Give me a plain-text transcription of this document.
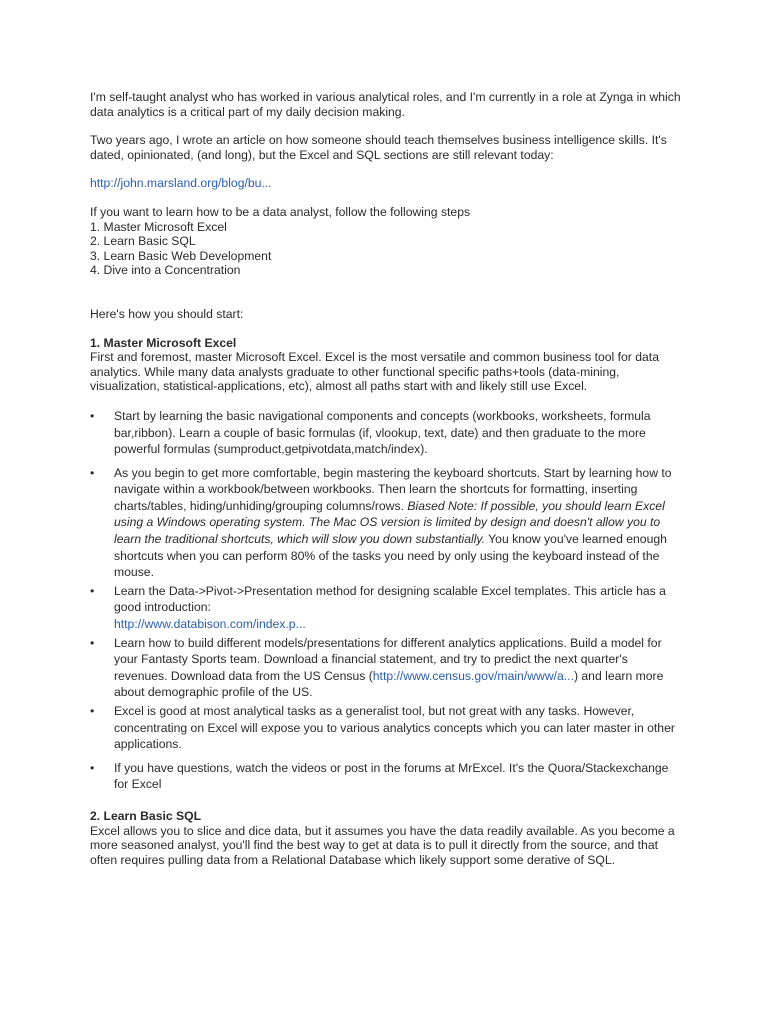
I'm self-taught analyst who has worked in various analytical roles, and I'm currently in a role at Zynga in which data analytics is a critical part of my daily decision making.

Two years ago, I wrote an article on how someone should teach themselves business intelligence skills. It's dated, opinionated, (and long), but the Excel and SQL sections are still relevant today:

http://john.marsland.org/blog/bu...

If you want to learn how to be a data analyst, follow the following steps

1. Master Microsoft Excel

2. Learn Basic SQL

3. Learn Basic Web Development

4. Dive into a Concentration

Here's how you should start:

1. Master Microsoft Excel

First and foremost, master Microsoft Excel. Excel is the most versatile and common business tool for data analytics. While many data analysts graduate to other functional specific paths+tools (data-mining, visualization, statistical-applications, etc), almost all paths start with and likely still use Excel.

• Start by learning the basic navigational components and concepts (workbooks, worksheets, formula bar,ribbon). Learn a couple of basic formulas (if, vlookup, text, date) and then graduate to the more powerful formulas (sumproduct,getpivotdata,match/index).
• As you begin to get more comfortable, begin mastering the keyboard shortcuts. Start by learning how to navigate within a workbook/between workbooks. Then learn the shortcuts for formatting, inserting charts/tables, hiding/unhiding/grouping columns/rows. Biased Note: If possible, you should learn Excel using a Windows operating system. The Mac OS version is limited by design and doesn't allow you to learn the traditional shortcuts, which will slow you down substantially. You know you've learned enough shortcuts when you can perform 80% of the tasks you need by only using the keyboard instead of the mouse.
• Learn the Data->Pivot->Presentation method for designing scalable Excel templates. This article has a good introduction:
http://www.databison.com/index.p...
• Learn how to build different models/presentations for different analytics applications. Build a model for your Fantasty Sports team. Download a financial statement, and try to predict the next quarter's revenues. Download data from the US Census (http://www.census.gov/main/www/a...) and learn more about demographic profile of the US.
• Excel is good at most analytical tasks as a generalist tool, but not great with any tasks. However, concentrating on Excel will expose you to various analytics concepts which you can later master in other applications.
• If you have questions, watch the videos or post in the forums at MrExcel. It's the Quora/Stackexchange for Excel

2. Learn Basic SQL

Excel allows you to slice and dice data, but it assumes you have the data readily available. As you become a more seasoned analyst, you'll find the best way to get at data is to pull it directly from the source, and that often requires pulling data from a Relational Database which likely support some derative of SQL.
